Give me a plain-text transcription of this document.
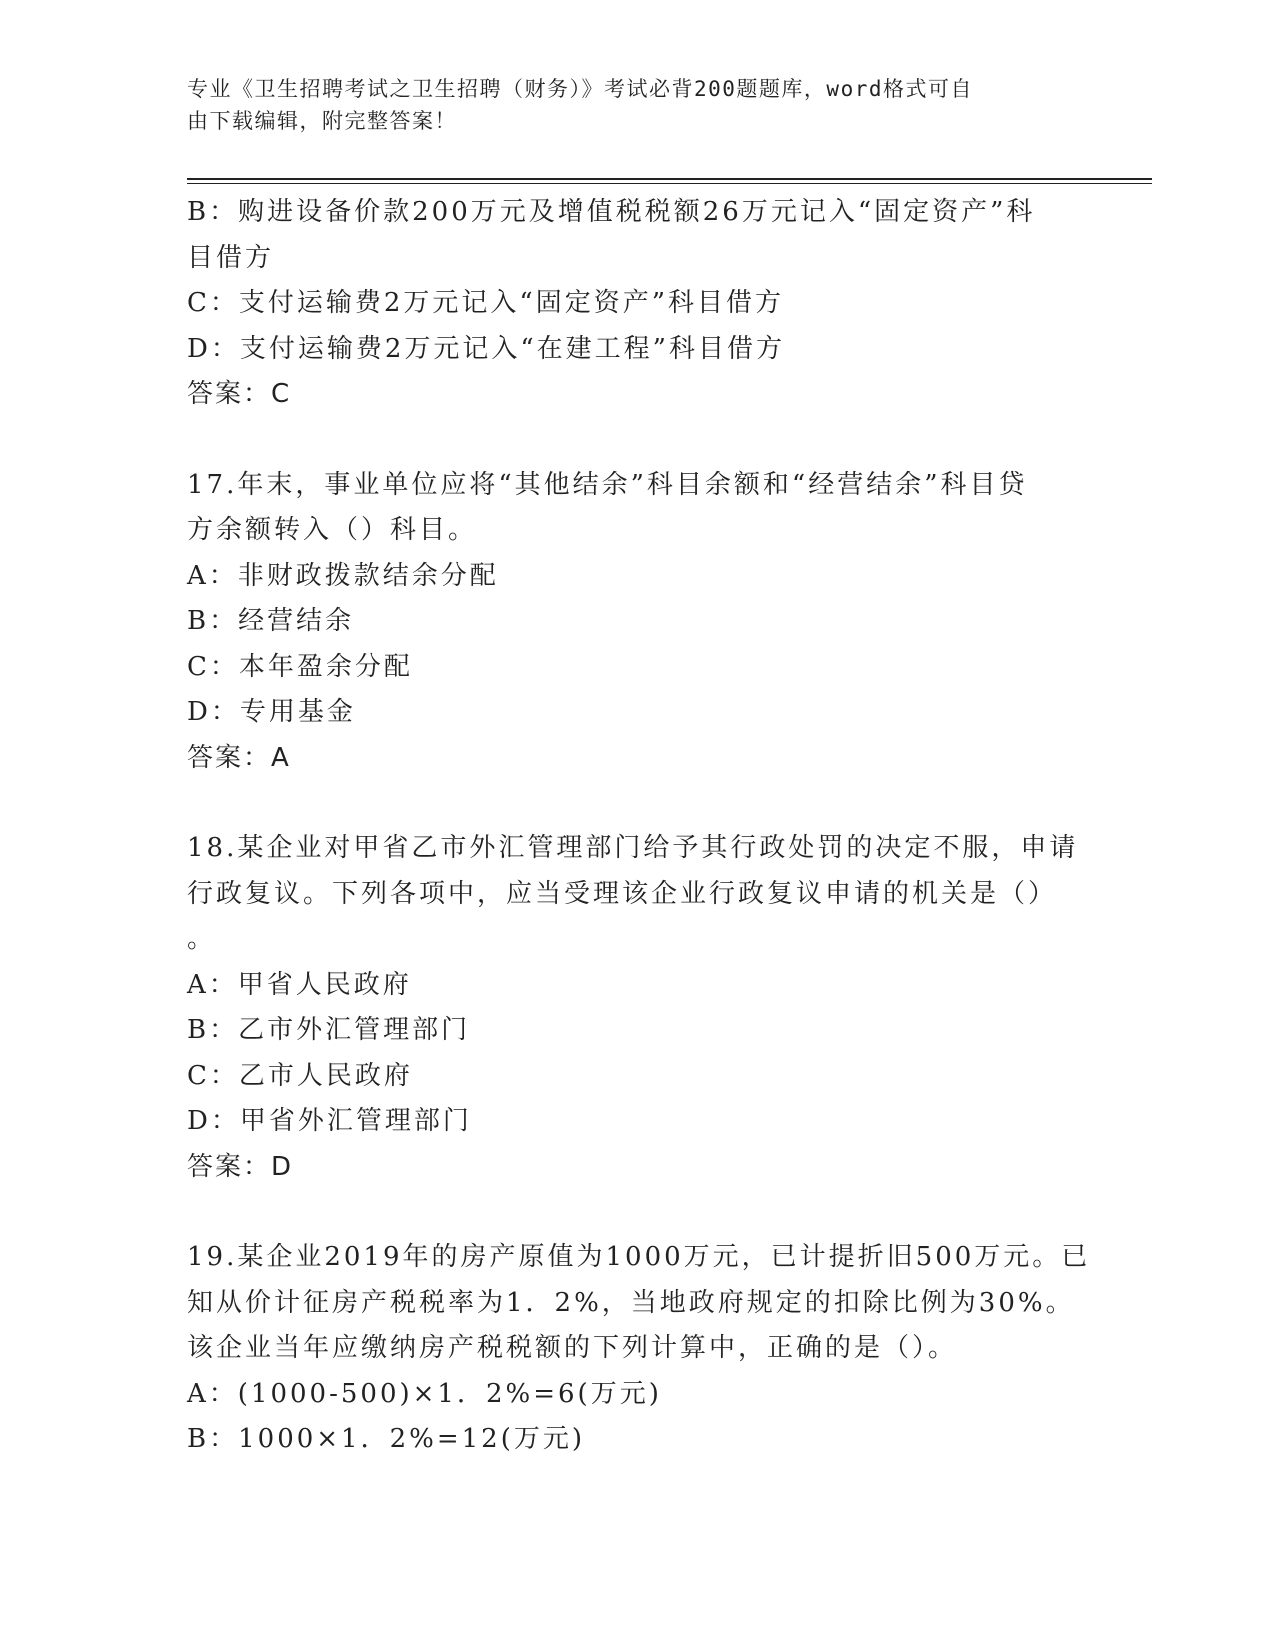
专业《卫生招聘考试之卫生招聘（财务）》考试必背200题题库，word格式可自
由下载编辑，附完整答案！
B：购进设备价款200万元及增值税税额26万元记入“固定资产”科
目借方
C：支付运输费2万元记入“固定资产”科目借方
D：支付运输费2万元记入“在建工程”科目借方
答案：C
17.年末，事业单位应将“其他结余”科目余额和“经营结余”科目贷
方余额转入（）科目。
A：非财政拨款结余分配
B：经营结余
C：本年盈余分配
D：专用基金
答案：A
18.某企业对甲省乙市外汇管理部门给予其行政处罚的决定不服，申请
行政复议。下列各项中，应当受理该企业行政复议申请的机关是（）
。
A：甲省人民政府
B：乙市外汇管理部门
C：乙市人民政府
D：甲省外汇管理部门
答案：D
19.某企业2019年的房产原值为1000万元，已计提折旧500万元。已
知从价计征房产税税率为1．2%，当地政府规定的扣除比例为30%。
该企业当年应缴纳房产税税额的下列计算中，正确的是（）。
A：(1000-500)×1．2%=6(万元)
B：1000×1．2%=12(万元)
